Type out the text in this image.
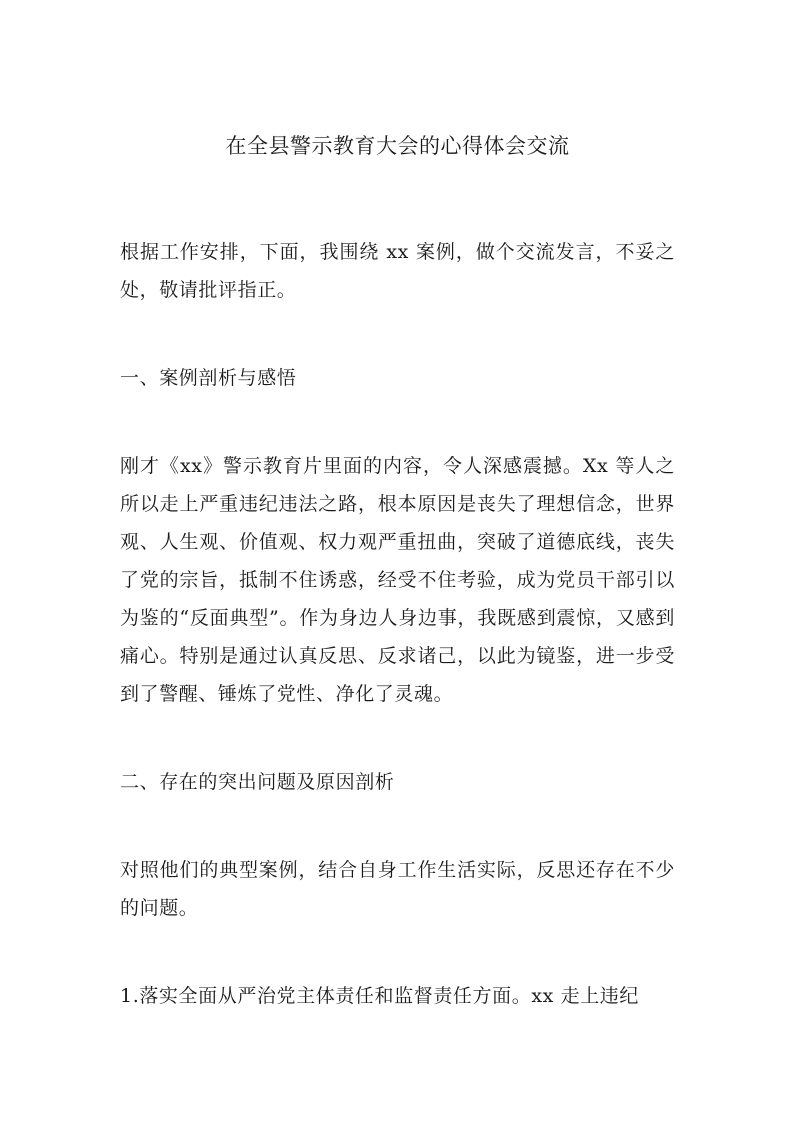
在全县警示教育大会的心得体会交流

根据工作安排，下面，我围绕 xx 案例，做个交流发言，不妥之处，敬请批评指正。

一、案例剖析与感悟

刚才《xx》警示教育片里面的内容，令人深感震撼。Xx 等人之所以走上严重违纪违法之路，根本原因是丧失了理想信念，世界观、人生观、价值观、权力观严重扭曲，突破了道德底线，丧失了党的宗旨，抵制不住诱惑，经受不住考验，成为党员干部引以为鉴的“反面典型”。作为身边人身边事，我既感到震惊，又感到痛心。特别是通过认真反思、反求诸己，以此为镜鉴，进一步受到了警醒、锤炼了党性、净化了灵魂。

二、存在的突出问题及原因剖析

对照他们的典型案例，结合自身工作生活实际，反思还存在不少的问题。

1.落实全面从严治党主体责任和监督责任方面。xx 走上违纪
